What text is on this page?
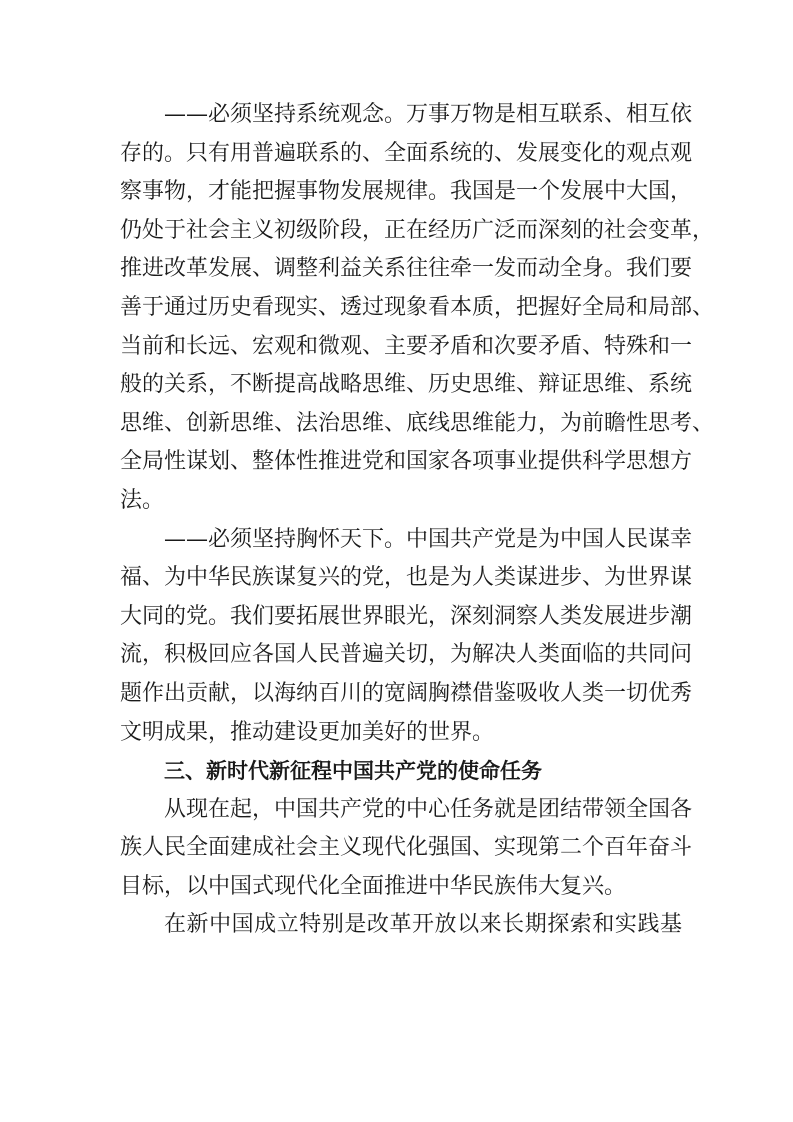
——必须坚持系统观念。万事万物是相互联系、相互依
存的。只有用普遍联系的、全面系统的、发展变化的观点观
察事物，才能把握事物发展规律。我国是一个发展中大国，
仍处于社会主义初级阶段，正在经历广泛而深刻的社会变革，
推进改革发展、调整利益关系往往牵一发而动全身。我们要
善于通过历史看现实、透过现象看本质，把握好全局和局部、
当前和长远、宏观和微观、主要矛盾和次要矛盾、特殊和一
般的关系，不断提高战略思维、历史思维、辩证思维、系统
思维、创新思维、法治思维、底线思维能力，为前瞻性思考、
全局性谋划、整体性推进党和国家各项事业提供科学思想方
法。
——必须坚持胸怀天下。中国共产党是为中国人民谋幸
福、为中华民族谋复兴的党，也是为人类谋进步、为世界谋
大同的党。我们要拓展世界眼光，深刻洞察人类发展进步潮
流，积极回应各国人民普遍关切，为解决人类面临的共同问
题作出贡献，以海纳百川的宽阔胸襟借鉴吸收人类一切优秀
文明成果，推动建设更加美好的世界。
三、新时代新征程中国共产党的使命任务
从现在起，中国共产党的中心任务就是团结带领全国各
族人民全面建成社会主义现代化强国、实现第二个百年奋斗
目标，以中国式现代化全面推进中华民族伟大复兴。
在新中国成立特别是改革开放以来长期探索和实践基
